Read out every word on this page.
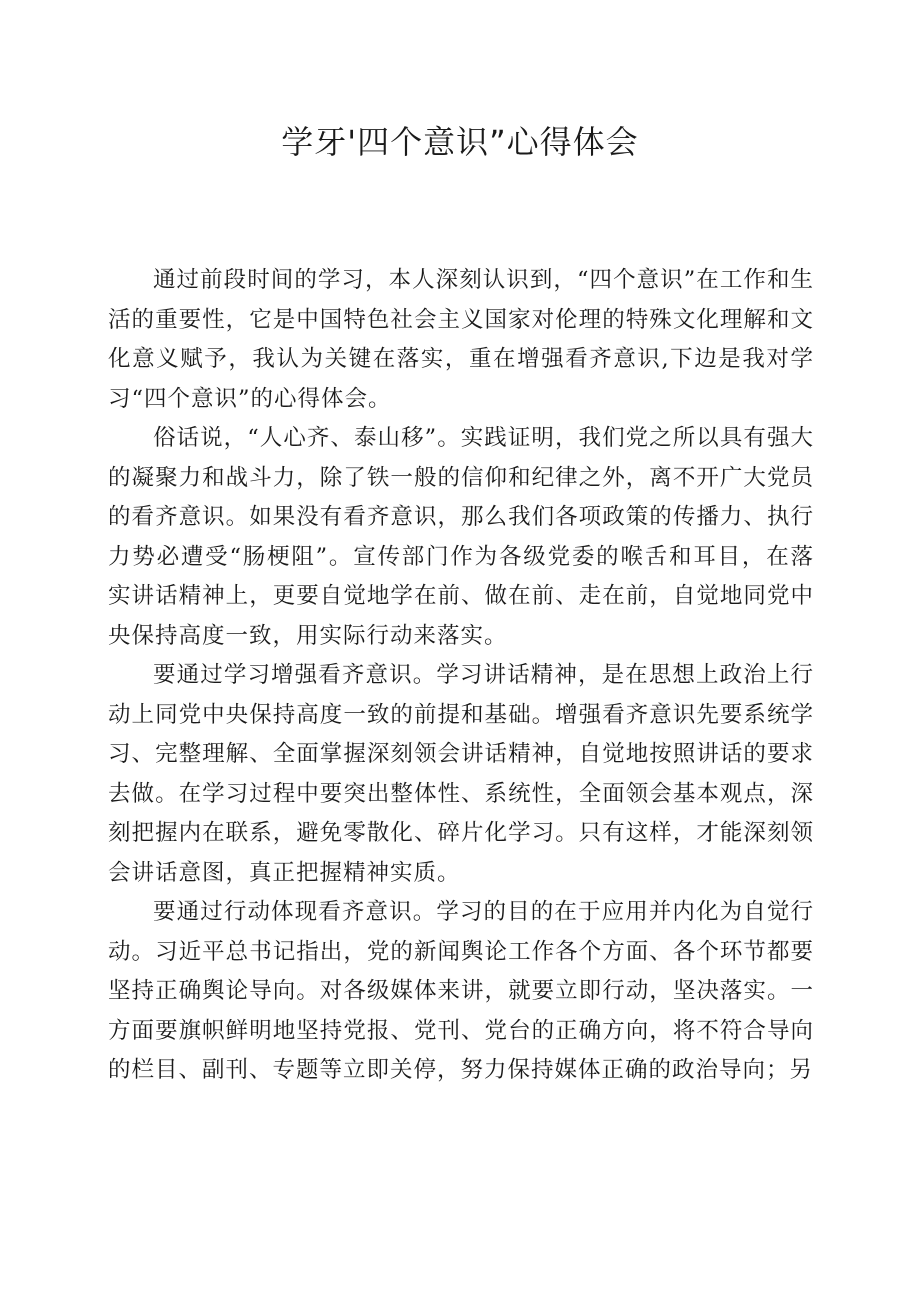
学牙'四个意识”心得体会

通过前段时间的学习，本人深刻认识到，“四个意识”在工作和生活的重要性，它是中国特色社会主义国家对伦理的特殊文化理解和文化意义赋予，我认为关键在落实，重在增强看齐意识,下边是我对学习“四个意识”的心得体会。

俗话说，“人心齐、泰山移”。实践证明，我们党之所以具有强大的凝聚力和战斗力，除了铁一般的信仰和纪律之外，离不开广大党员的看齐意识。如果没有看齐意识，那么我们各项政策的传播力、执行力势必遭受“肠梗阻”。宣传部门作为各级党委的喉舌和耳目，在落实讲话精神上，更要自觉地学在前、做在前、走在前，自觉地同党中央保持高度一致，用实际行动来落实。

要通过学习增强看齐意识。学习讲话精神，是在思想上政治上行动上同党中央保持高度一致的前提和基础。增强看齐意识先要系统学习、完整理解、全面掌握深刻领会讲话精神，自觉地按照讲话的要求去做。在学习过程中要突出整体性、系统性，全面领会基本观点，深刻把握内在联系，避免零散化、碎片化学习。只有这样，才能深刻领会讲话意图，真正把握精神实质。

要通过行动体现看齐意识。学习的目的在于应用并内化为自觉行动。习近平总书记指出，党的新闻舆论工作各个方面、各个环节都要坚持正确舆论导向。对各级媒体来讲，就要立即行动，坚决落实。一方面要旗帜鲜明地坚持党报、党刊、党台的正确方向，将不符合导向的栏目、副刊、专题等立即关停，努力保持媒体正确的政治导向；另
